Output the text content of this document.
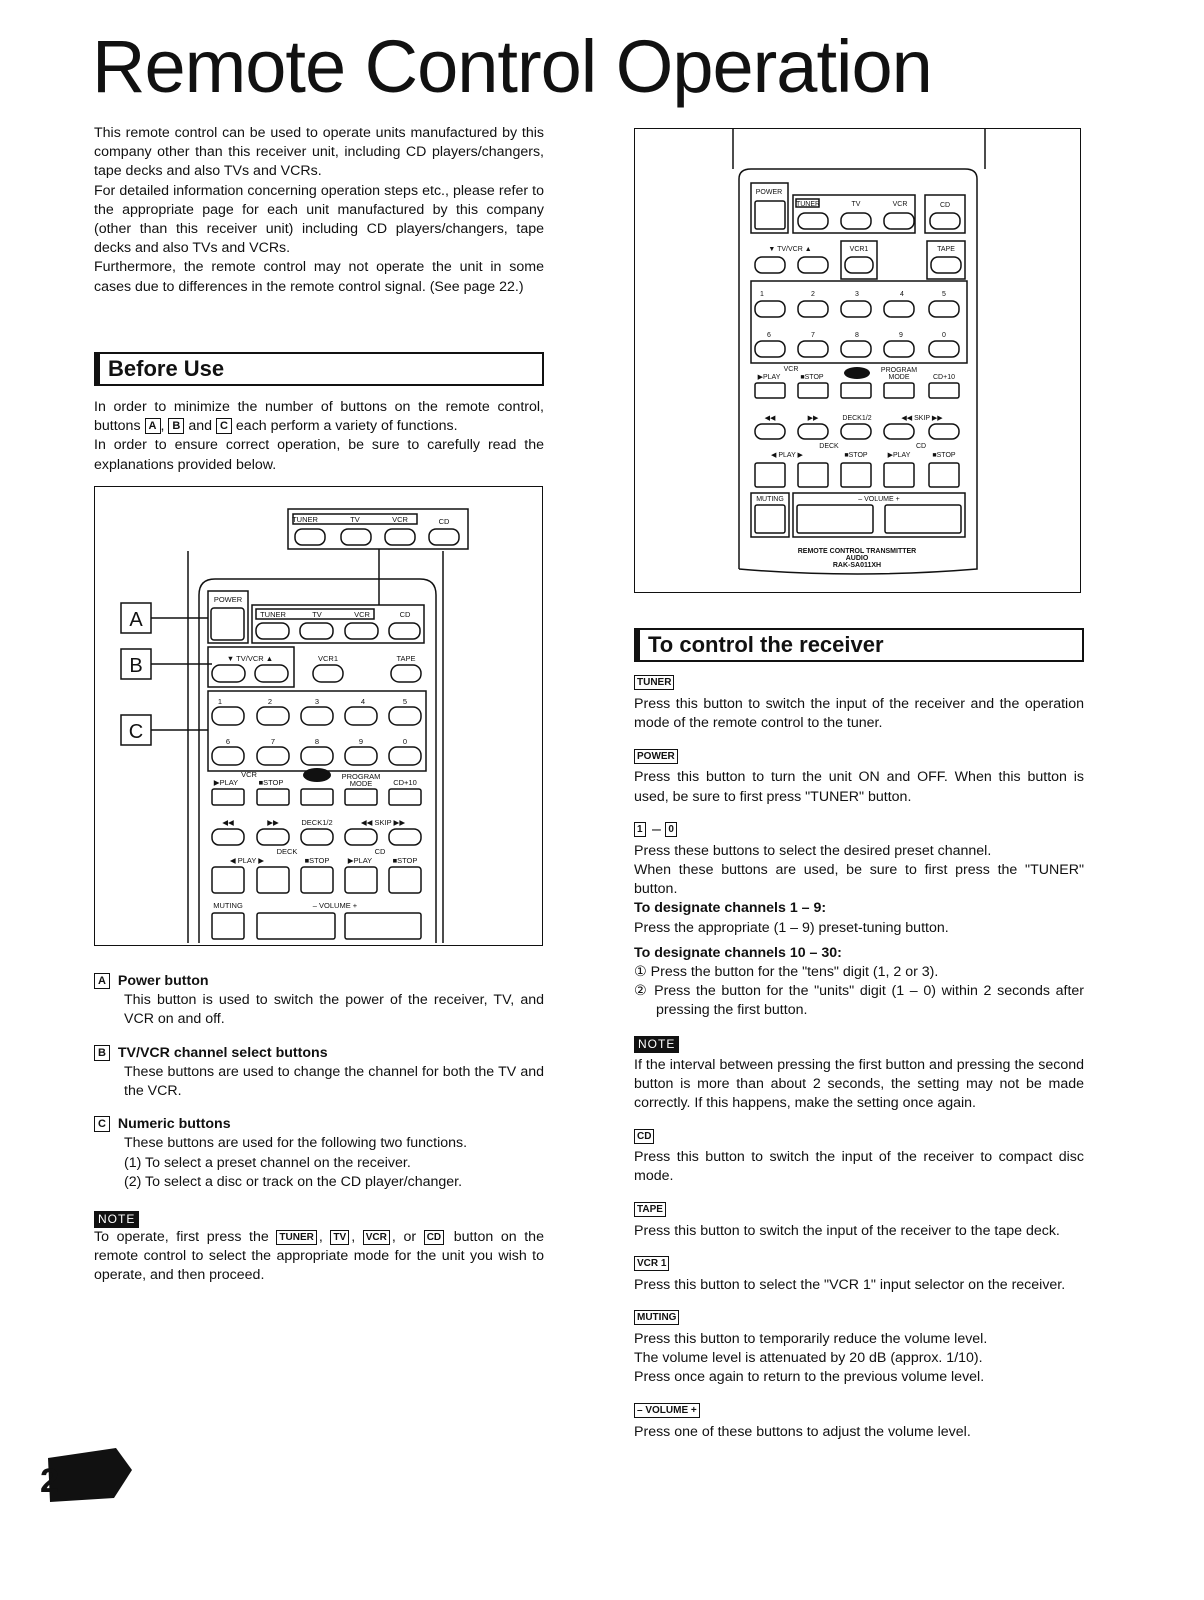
Remote Control Operation

This remote control can be used to operate units manufactured by this company other than this receiver unit, including CD players/changers, tape decks and also TVs and VCRs.

For detailed information concerning operation steps etc., please refer to the appropriate page for each unit manufactured by this company (other than this receiver unit) including CD players/changers, tape decks and also TVs and VCRs.

Furthermore, the remote control may not operate the unit in some cases due to differences in the remote control signal. (See page 22.)

Before Use

In order to minimize the number of buttons on the remote control, buttons A , B and C each perform a variety of functions.

In order to ensure correct operation, be sure to carefully read the explanations provided below.

TUNER	TV	VCR	CD
POWER
TUNER	TV	VCR	CD
▼ TV/VCR ▲	VCR1	TAPE
1	2	3	4	5
6	7	8	9	0
VCR
▶PLAY	■STOP
PROGRAM
MODE	CD+10
◀◀	▶▶	DECK1/2	◀◀ SKIP ▶▶
DECK	CD
◀ PLAY ▶	■STOP ▶PLAY	■STOP
MUTING	– VOLUME +
A
B
C
A Power button
This button is used to switch the power of the receiver, TV, and VCR on and off.
B TV/VCR channel select buttons
These buttons are used to change the channel for both the TV and the VCR.
C Numeric buttons
These buttons are used for the following two functions.
(1) To select a preset channel on the receiver.
(2) To select a disc or track on the CD player/changer.
NOTE

To operate, first press the TUNER , TV , VCR , or CD button on the remote control to select the appropriate mode for the unit you wish to operate, and then proceed.

POWER
TUNER	TV	VCR	CD
▼ TV/VCR ▲	VCR1	TAPE
1	2	3	4	5
6	7	8	9	0
VCR
▶PLAY	■STOP
PROGRAM
MODE	CD+10
◀◀	▶▶	DECK1/2	◀◀ SKIP ▶▶
DECK	CD
◀ PLAY ▶	■STOP	▶PLAY	■STOP
MUTING	– VOLUME +
REMOTE CONTROL TRANSMITTER
AUDIO
RAK-SA011XH
To control the receiver
TUNER

Press this button to switch the input of the receiver and the operation mode of the remote control to the tuner.

POWER

Press this button to turn the unit ON and OFF. When this button is used, be sure to first press "TUNER" button.

1 – 0

Press these buttons to select the desired preset channel.

When these buttons are used, be sure to first press the "TUNER" button.

To designate channels 1 – 9:

Press the appropriate (1 – 9) preset-tuning button.

To designate channels 10 – 30:

① Press the button for the "tens" digit (1, 2 or 3).

② Press the button for the "units" digit (1 – 0) within 2 seconds after pressing the first button.

NOTE

If the interval between pressing the first button and pressing the second button is more than about 2 seconds, the setting may not be made correctly. If this happens, make the setting once again.

CD

Press this button to switch the input of the receiver to compact disc mode.

TAPE

Press this button to switch the input of the receiver to the tape deck.

VCR 1

Press this button to select the "VCR 1" input selector on the receiver.

MUTING

Press this button to temporarily reduce the volume level.

The volume level is attenuated by 20 dB (approx. 1/10).

Press once again to return to the previous volume level.

– VOLUME +

Press one of these buttons to adjust the volume level.

2
